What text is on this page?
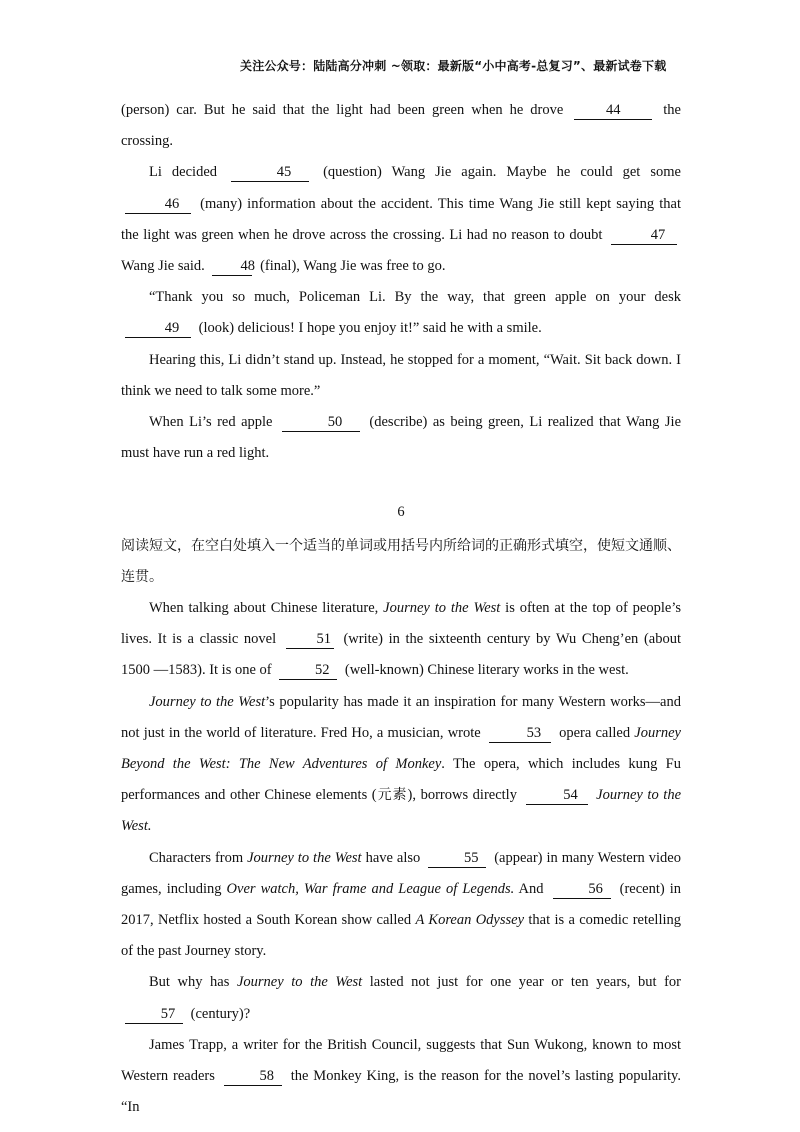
关注公众号：陆陆高分冲刺 ~领取：最新版“小中高考-总复习”、最新试卷下载

(person) car. But he said that the light had been green when he drove 44 the crossing.

Li decided	45 (question) Wang Jie again. Maybe he could get some 46 (many) information about the accident. This time Wang Jie still kept saying that the light was green when he drove across the crossing. Li had no reason to doubt	47 Wang Jie said. 48 (final), Wang Jie was free to go.

“Thank you so much, Policeman Li. By the way, that green apple on your desk 49 (look) delicious! I hope you enjoy it!” said he with a smile.

Hearing this, Li didn’t stand up. Instead, he stopped for a moment, “Wait. Sit back down. I think we need to talk some more.”

When Li’s red apple	50 (describe) as being green, Li realized that Wang Jie must have run a red light.

6

阅读短文，在空白处填入一个适当的单词或用括号内所给词的正确形式填空，使短文通顺、连贯。

When talking about Chinese literature, Journey to the West is often at the top of people’s lives. It is a classic novel 51 (write) in the sixteenth century by Wu Cheng’en (about 1500 —1583). It is one of	52 (well-known) Chinese literary works in the west.

Journey to the West’s popularity has made it an inspiration for many Western works—and not just in the world of literature. Fred Ho, a musician, wrote	53 opera called Journey Beyond the West: The New Adventures of Monkey. The opera, which includes kung Fu performances and other Chinese elements (元素), borrows directly	54 Journey to the West.

Characters from Journey to the West have also	55 (appear) in many Western video games, including Over watch, War frame and League of Legends. And	56 (recent) in 2017, Netflix hosted a South Korean show called A Korean Odyssey that is a comedic retelling of the past Journey story.

But why has Journey to the West lasted not just for one year or ten years, but for 57 (century)?

James Trapp, a writer for the British Council, suggests that Sun Wukong, known to most Western readers	58 the Monkey King, is the reason for the novel’s lasting popularity. “In
